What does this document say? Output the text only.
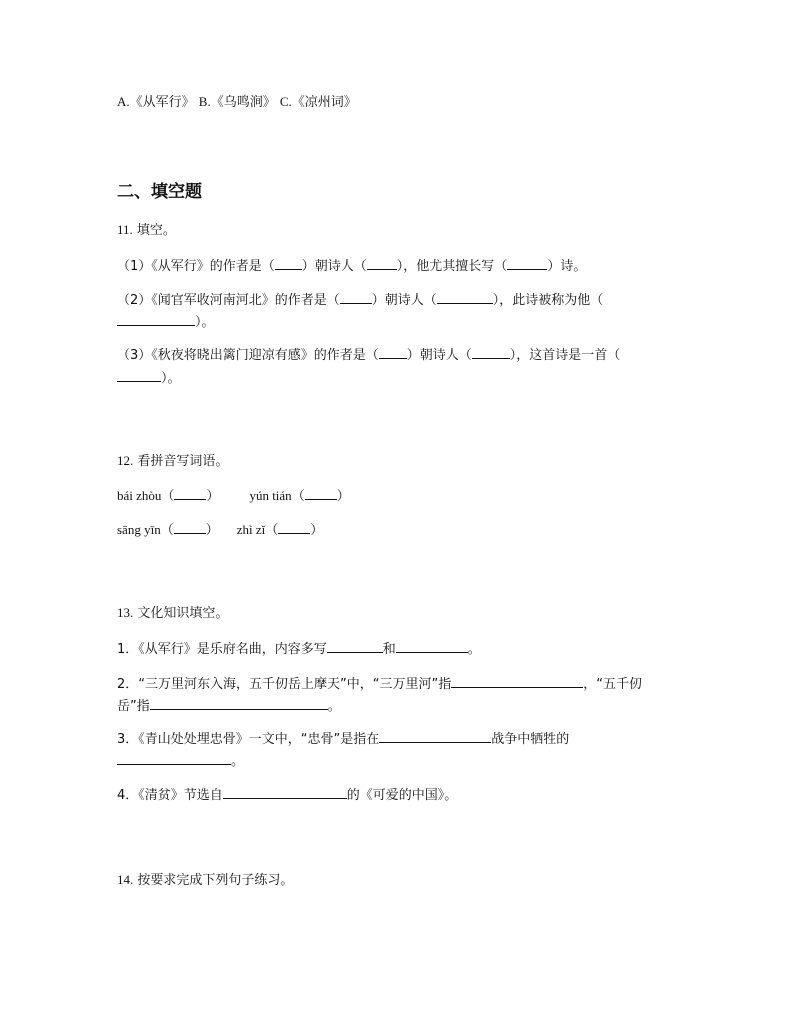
A.《从军行》 B.《乌鸣涧》 C.《凉州词》
二、填空题
11. 填空。
（1）《从军行》的作者是（ ）朝诗人（ ），他尤其擅长写（	）诗。
（2）《闻官军收河南河北》的作者是（ ）朝诗人（	），此诗被称为他（
）。
（3）《秋夜将晓出篱门迎凉有感》的作者是（ ）朝诗人（	），这首诗是一首（
）。
12. 看拼音写词语。
bái zhòu（ ） yún tián（ ）
sāng yīn（ ） zhì zǐ（ ）
13. 文化知识填空。
1．《从军行》是乐府名曲，内容多写	和	。
2．“三万里河东入海，五千仞岳上摩天”中，“三万里河”指	，“五千仞
岳”指	。
3．《青山处处埋忠骨》一文中，“忠骨”是指在	战争中牺牲的
。
4．《清贫》节选自	的《可爱的中国》。
14. 按要求完成下列句子练习。
